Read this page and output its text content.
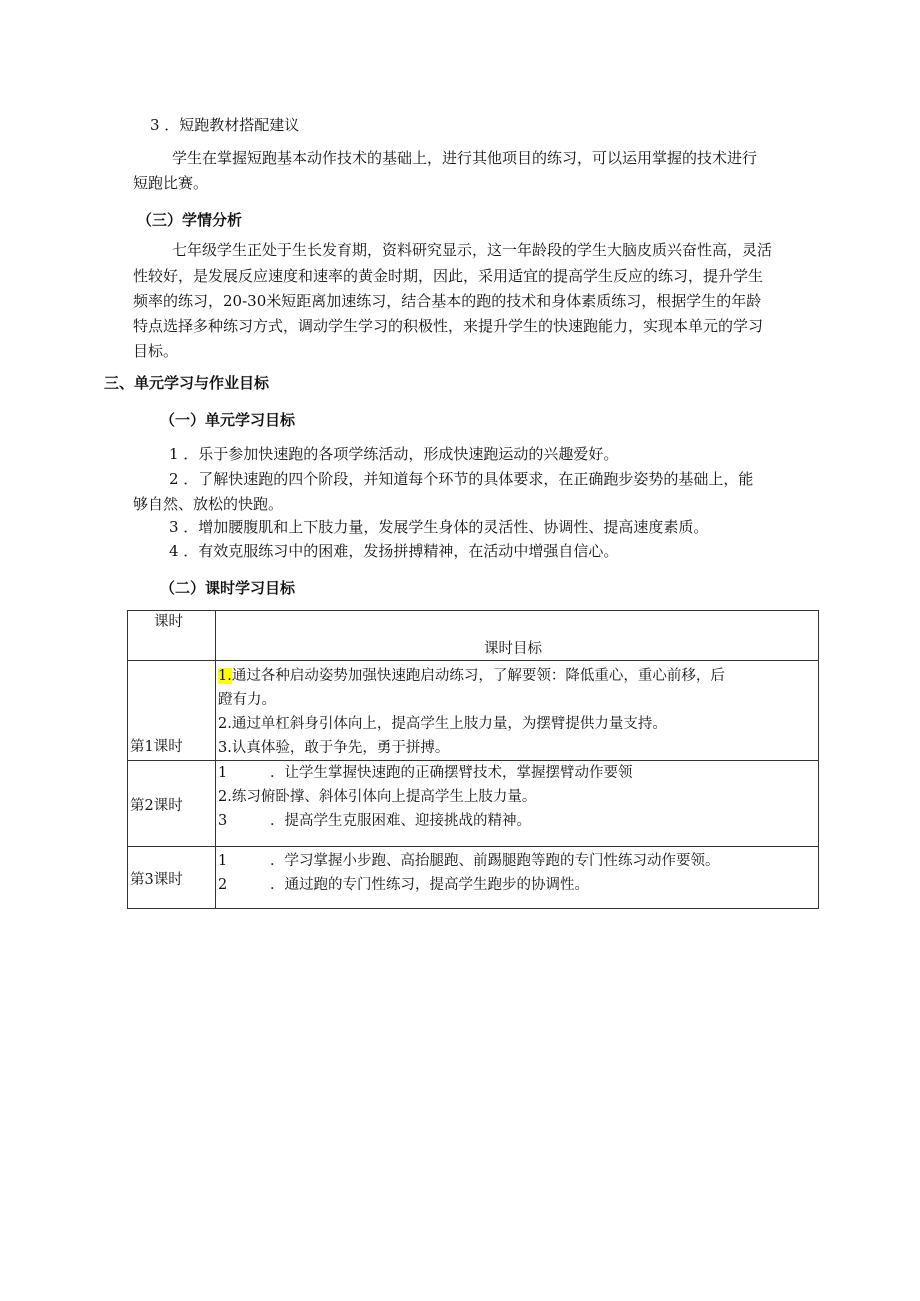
3 ．短跑教材搭配建议
学生在掌握短跑基本动作技术的基础上，进行其他项目的练习，可以运用掌握的技术进行
短跑比赛。
（三）学情分析
七年级学生正处于生长发育期，资料研究显示，这一年龄段的学生大脑皮质兴奋性高，灵活
性较好，是发展反应速度和速率的黄金时期，因此，采用适宜的提高学生反应的练习，提升学生
频率的练习，20-30米短距离加速练习，结合基本的跑的技术和身体素质练习，根据学生的年龄
特点选择多种练习方式，调动学生学习的积极性，来提升学生的快速跑能力，实现本单元的学习
目标。
三、单元学习与作业目标
（一）单元学习目标
1 ．乐于参加快速跑的各项学练活动，形成快速跑运动的兴趣爱好。
2 ．了解快速跑的四个阶段，并知道每个环节的具体要求，在正确跑步姿势的基础上，能
够自然、放松的快跑。
3 ．增加腰腹肌和上下肢力量，发展学生身体的灵活性、协调性、提高速度素质。
4 ．有效克服练习中的困难，发扬拼搏精神，在活动中增强自信心。
（二）课时学习目标
课时	课时目标

第1课时	1.通过各种启动姿势加强快速跑启动练习，了解要领：降低重心，重心前移，后
蹬有力。
2.通过单杠斜身引体向上，提高学生上肢力量，为摆臂提供力量支持。
3.认真体验，敢于争先，勇于拼搏。

第2课时	1 ．让学生掌握快速跑的正确摆臂技术，掌握摆臂动作要领
2.练习俯卧撑、斜体引体向上提高学生上肢力量。
3 ．提高学生克服困难、迎接挑战的精神。

第3课时	1 ．学习掌握小步跑、高抬腿跑、前踢腿跑等跑的专门性练习动作要领。
2 ．通过跑的专门性练习，提高学生跑步的协调性。
